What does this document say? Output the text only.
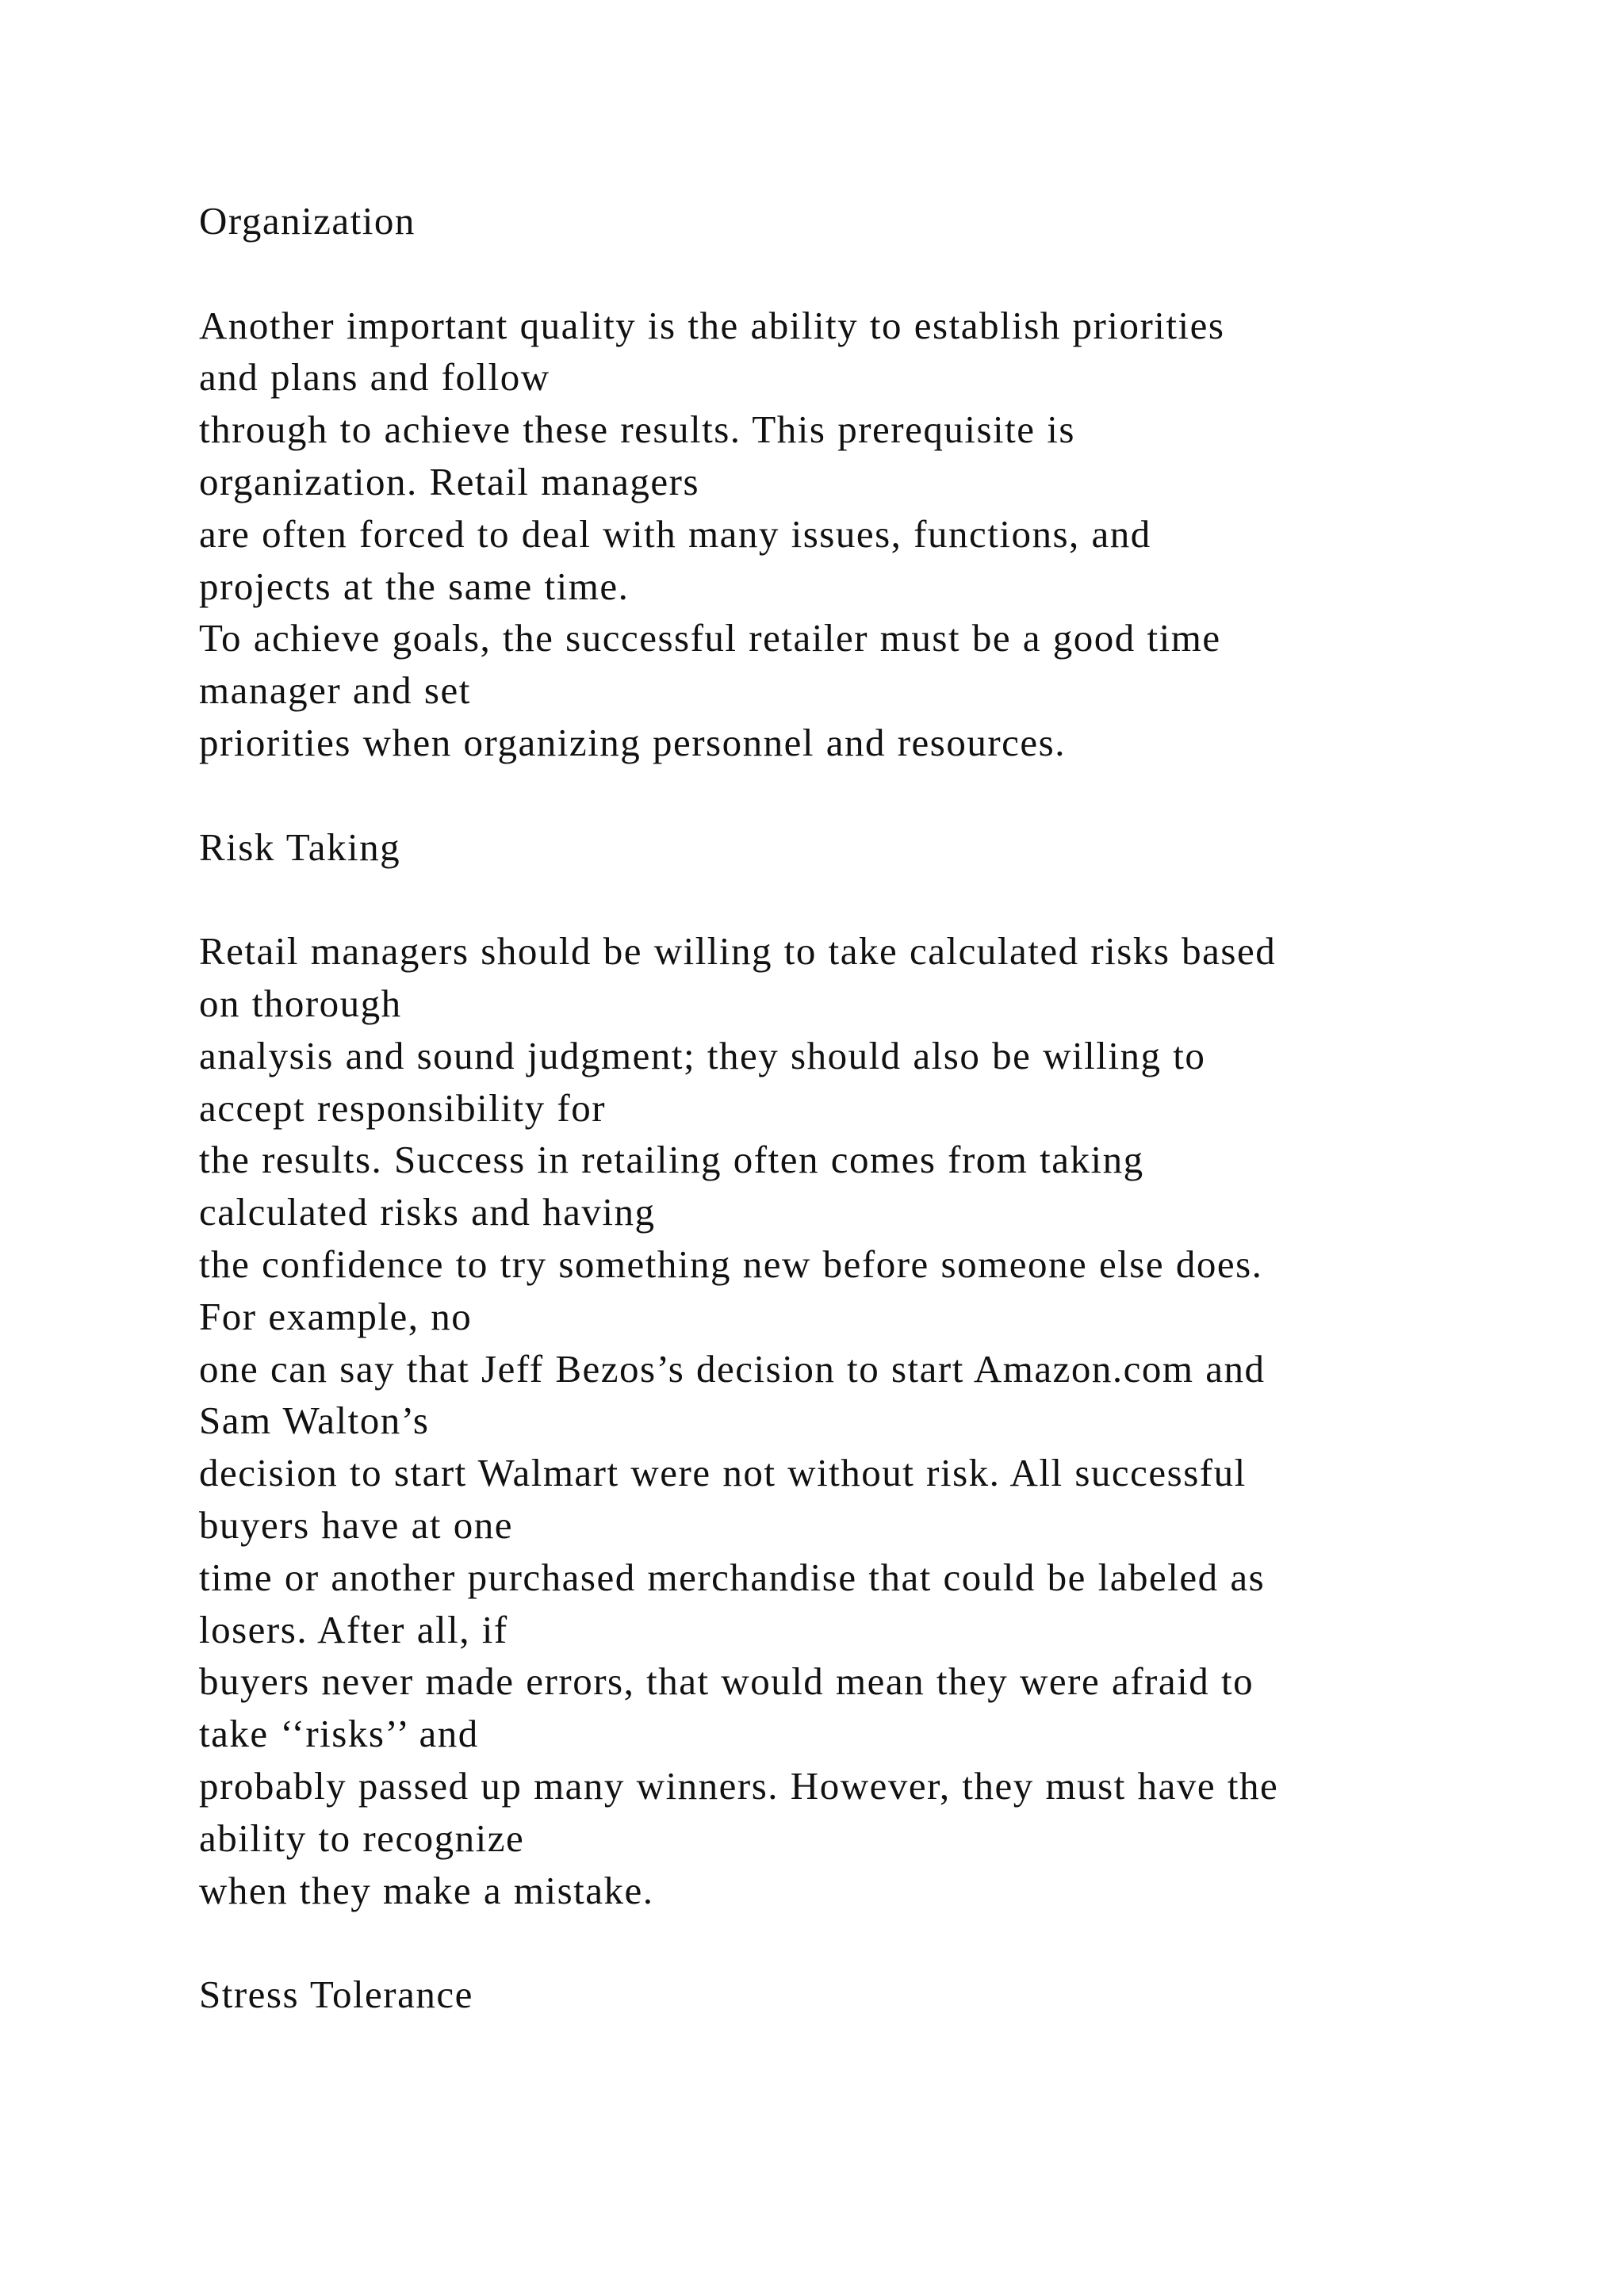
Organization
Another important quality is the ability to establish priorities
and plans and follow
through to achieve these results. This prerequisite is
organization. Retail managers
are often forced to deal with many issues, functions, and
projects at the same time.
To achieve goals, the successful retailer must be a good time
manager and set
priorities when organizing personnel and resources.
Risk Taking
Retail managers should be willing to take calculated risks based
on thorough
analysis and sound judgment; they should also be willing to
accept responsibility for
the results. Success in retailing often comes from taking
calculated risks and having
the confidence to try something new before someone else does.
For example, no
one can say that Jeff Bezos’s decision to start Amazon.com and
Sam Walton’s
decision to start Walmart were not without risk. All successful
buyers have at one
time or another purchased merchandise that could be labeled as
losers. After all, if
buyers never made errors, that would mean they were afraid to
take ‘‘risks’’ and
probably passed up many winners. However, they must have the
ability to recognize
when they make a mistake.
Stress Tolerance
